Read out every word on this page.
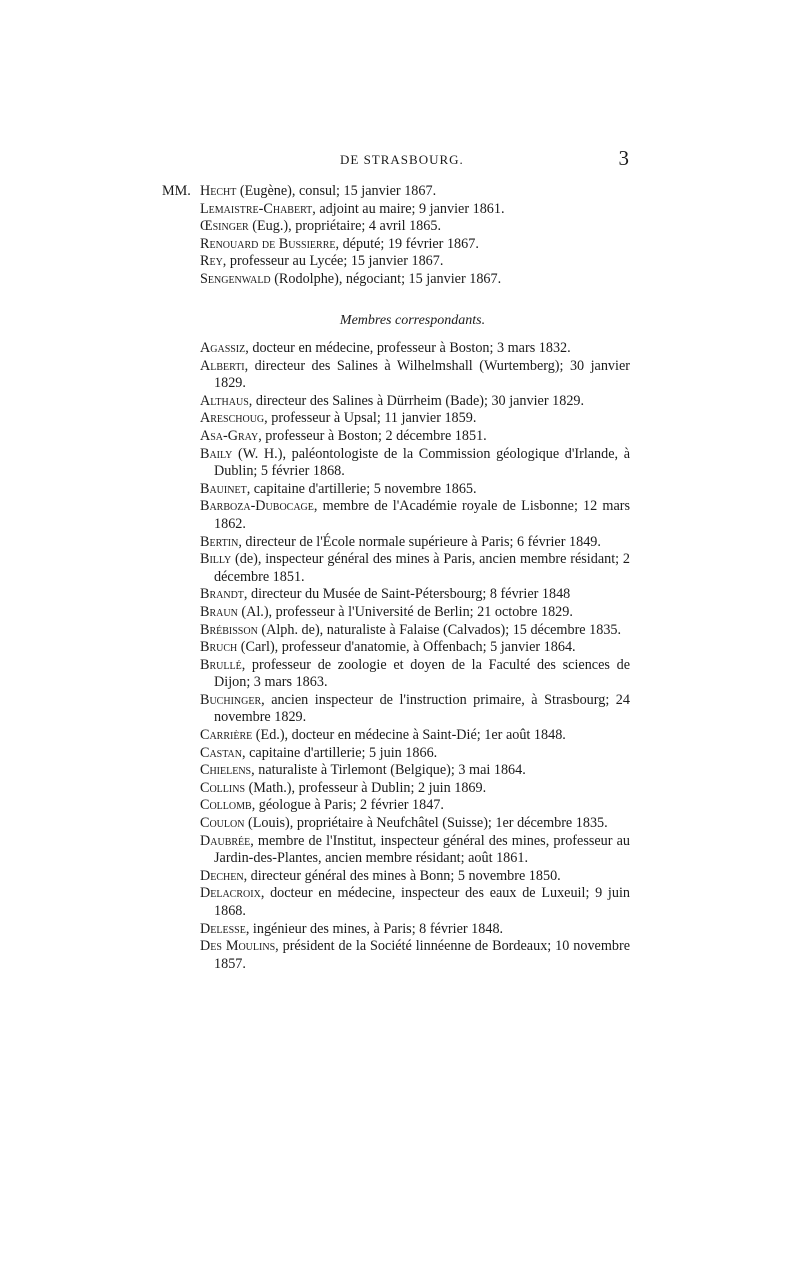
DE STRASBOURG.	3
MM. Hecht (Eugène), consul; 15 janvier 1867.

Lemaistre-Chabert, adjoint au maire; 9 janvier 1861.

Œsinger (Eug.), propriétaire; 4 avril 1865.

Renouard de Bussierre, député; 19 février 1867.

Rey, professeur au Lycée; 15 janvier 1867.

Sengenwald (Rodolphe), négociant; 15 janvier 1867.

Membres correspondants.

Agassiz, docteur en médecine, professeur à Boston; 3 mars 1832.

Alberti, directeur des Salines à Wilhelmshall (Wurtemberg); 30 janvier 1829.

Althaus, directeur des Salines à Dürrheim (Bade); 30 janvier 1829.

Areschoug, professeur à Upsal; 11 janvier 1859.

Asa-Gray, professeur à Boston; 2 décembre 1851.

Baily (W. H.), paléontologiste de la Commission géologique d'Irlande, à Dublin; 5 février 1868.

Bauinet, capitaine d'artillerie; 5 novembre 1865.

Barboza-Dubocage, membre de l'Académie royale de Lisbonne; 12 mars 1862.

Bertin, directeur de l'École normale supérieure à Paris; 6 février 1849.

Billy (de), inspecteur général des mines à Paris, ancien membre résidant; 2 décembre 1851.

Brandt, directeur du Musée de Saint-Pétersbourg; 8 février 1848

Braun (Al.), professeur à l'Université de Berlin; 21 octobre 1829.

Brébisson (Alph. de), naturaliste à Falaise (Calvados); 15 décembre 1835.

Bruch (Carl), professeur d'anatomie, à Offenbach; 5 janvier 1864.

Brullé, professeur de zoologie et doyen de la Faculté des sciences de Dijon; 3 mars 1863.

Buchinger, ancien inspecteur de l'instruction primaire, à Strasbourg; 24 novembre 1829.

Carrière (Ed.), docteur en médecine à Saint-Dié; 1er août 1848.

Castan, capitaine d'artillerie; 5 juin 1866.

Chielens, naturaliste à Tirlemont (Belgique); 3 mai 1864.

Collins (Math.), professeur à Dublin; 2 juin 1869.

Collomb, géologue à Paris; 2 février 1847.

Coulon (Louis), propriétaire à Neufchâtel (Suisse); 1er décembre 1835.

Daubrée, membre de l'Institut, inspecteur général des mines, professeur au Jardin-des-Plantes, ancien membre résidant; août 1861.

Dechen, directeur général des mines à Bonn; 5 novembre 1850.

Delacroix, docteur en médecine, inspecteur des eaux de Luxeuil; 9 juin 1868.

Delesse, ingénieur des mines, à Paris; 8 février 1848.

Des Moulins, président de la Société linnéenne de Bordeaux; 10 novembre 1857.
